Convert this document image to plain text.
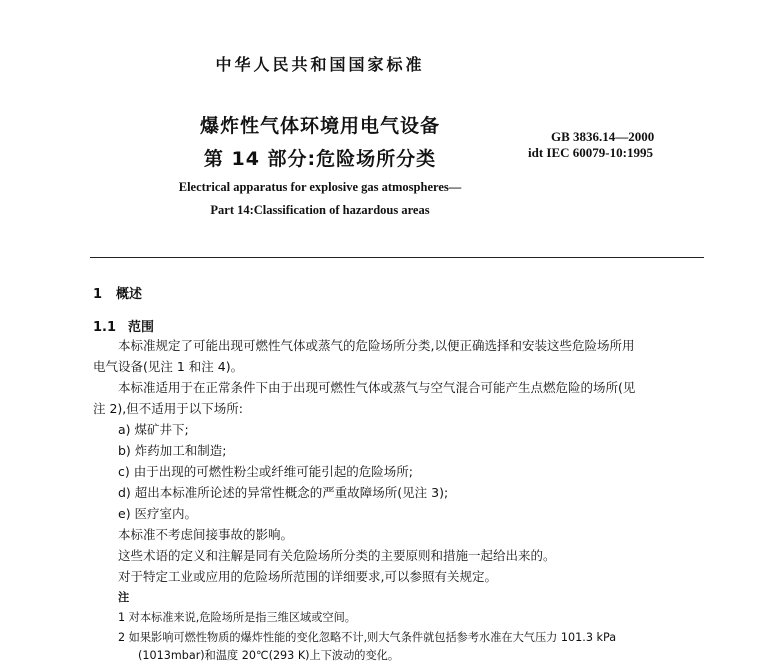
中华人民共和国国家标准
爆炸性气体环境用电气设备
第 14 部分:危险场所分类
GB 3836.14—2000
idt IEC 60079-10:1995
Electrical apparatus for explosive gas atmospheres—
Part 14:Classification of hazardous areas
1 概述
1.1 范围
本标准规定了可能出现可燃性气体或蒸气的危险场所分类,以便正确选择和安装这些危险场所用
电气设备(见注 1 和注 4)。
本标准适用于在正常条件下由于出现可燃性气体或蒸气与空气混合可能产生点燃危险的场所(见
注 2),但不适用于以下场所:
a) 煤矿井下;
b) 炸药加工和制造;
c) 由于出现的可燃性粉尘或纤维可能引起的危险场所;
d) 超出本标准所论述的异常性概念的严重故障场所(见注 3);
e) 医疗室内。
本标准不考虑间接事故的影响。
这些术语的定义和注解是同有关危险场所分类的主要原则和措施一起给出来的。
对于特定工业或应用的危险场所范围的详细要求,可以参照有关规定。
注
1 对本标准来说,危险场所是指三维区域或空间。
2 如果影响可燃性物质的爆炸性能的变化忽略不计,则大气条件就包括参考水准在大气压力 101.3 kPa
(1013mbar)和温度 20℃(293 K)上下波动的变化。
